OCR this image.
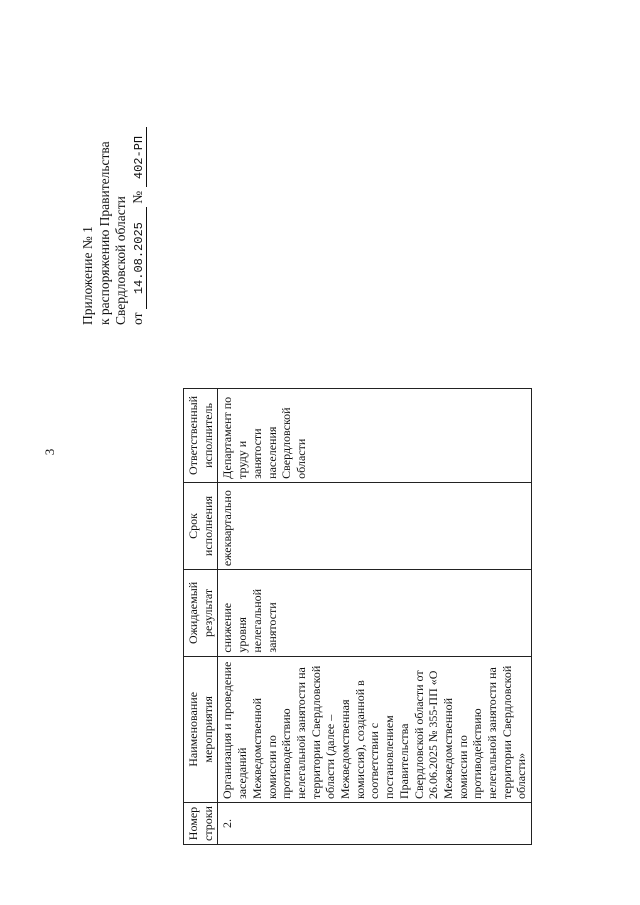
3
Приложение № 1 к распоряжению Правительства Свердловской области от 14.08.2025 № 402-РП
Номер строки	Наименование мероприятия	Ожидаемый результат	Срок исполнения	Ответственный исполнитель
2.	Организация и проведение заседаний Межведомственной комиссии по противодействию нелегальной занятости на территории Свердловской области (далее – Межведомственная комиссия), созданной в соответствии с постановлением Правительства Свердловской области от 26.06.2025 № 355-ПП «О Межведомственной комиссии по противодействию нелегальной занятости на территории Свердловской области»	снижение уровня нелегальной занятости	ежеквартально	Департамент по труду и занятости населения Свердловской области
